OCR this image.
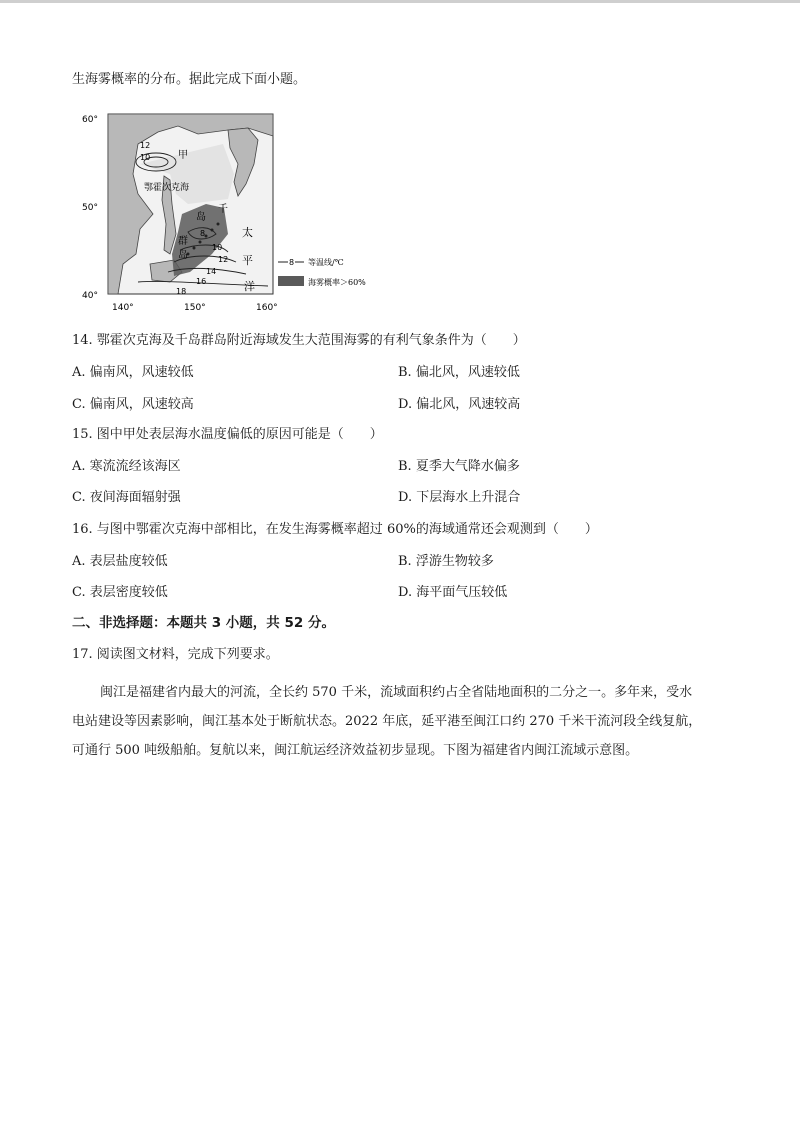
生海雾概率的分布。据此完成下面小题。
60°
50°
40°
140°	150°	160°
甲
鄂霍次克海
千
岛
群
岛
太
平
洋
12
10
8
10
12
14
16
18
8 等温线/℃
海雾概率＞60%
14. 鄂霍次克海及千岛群岛附近海域发生大范围海雾的有利气象条件为（　　）
A. 偏南风，风速较低	B. 偏北风，风速较低
C. 偏南风，风速较高	D. 偏北风，风速较高
15. 图中甲处表层海水温度偏低的原因可能是（　　）
A. 寒流流经该海区	B. 夏季大气降水偏多
C. 夜间海面辐射强	D. 下层海水上升混合
16. 与图中鄂霍次克海中部相比，在发生海雾概率超过 60%的海域通常还会观测到（　　）
A. 表层盐度较低	B. 浮游生物较多
C. 表层密度较低	D. 海平面气压较低
二、非选择题：本题共 3 小题，共 52 分。
17. 阅读图文材料，完成下列要求。
闽江是福建省内最大的河流，全长约 570 千米，流域面积约占全省陆地面积的二分之一。多年来，受水
电站建设等因素影响，闽江基本处于断航状态。2022 年底，延平港至闽江口约 270 千米干流河段全线复航，
可通行 500 吨级船舶。复航以来，闽江航运经济效益初步显现。下图为福建省内闽江流域示意图。
